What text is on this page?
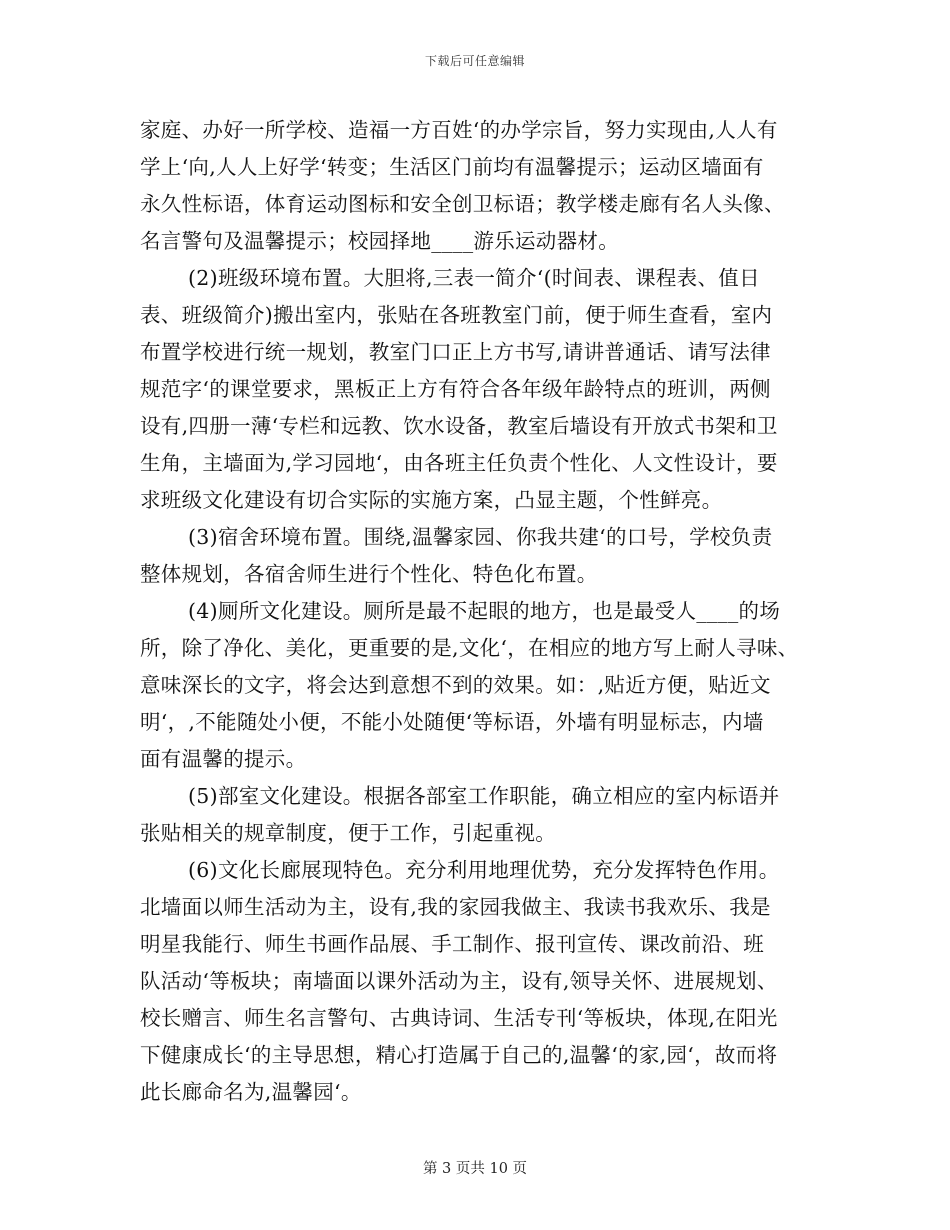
下载后可任意编辑
家庭、办好一所学校、造福一方百姓‘的办学宗旨，努力实现由,人人有
学上‘向,人人上好学‘转变；生活区门前均有温馨提示；运动区墙面有
永久性标语，体育运动图标和安全创卫标语；教学楼走廊有名人头像、
名言警句及温馨提示；校园择地____游乐运动器材。
(2)班级环境布置。大胆将,三表一简介‘(时间表、课程表、值日
表、班级简介)搬出室内，张贴在各班教室门前，便于师生查看，室内
布置学校进行统一规划，教室门口正上方书写,请讲普通话、请写法律
规范字‘的课堂要求，黑板正上方有符合各年级年龄特点的班训，两侧
设有,四册一薄‘专栏和远教、饮水设备，教室后墙设有开放式书架和卫
生角，主墙面为,学习园地‘，由各班主任负责个性化、人文性设计，要
求班级文化建设有切合实际的实施方案，凸显主题，个性鲜亮。
(3)宿舍环境布置。围绕,温馨家园、你我共建‘的口号，学校负责
整体规划，各宿舍师生进行个性化、特色化布置。
(4)厕所文化建设。厕所是最不起眼的地方，也是最受人____的场
所，除了净化、美化，更重要的是,文化‘，在相应的地方写上耐人寻味、
意味深长的文字，将会达到意想不到的效果。如：,贴近方便，贴近文
明‘，,不能随处小便，不能小处随便‘等标语，外墙有明显标志，内墙
面有温馨的提示。
(5)部室文化建设。根据各部室工作职能，确立相应的室内标语并
张贴相关的规章制度，便于工作，引起重视。
(6)文化长廊展现特色。充分利用地理优势，充分发挥特色作用。
北墙面以师生活动为主，设有,我的家园我做主、我读书我欢乐、我是
明星我能行、师生书画作品展、手工制作、报刊宣传、课改前沿、班
队活动‘等板块；南墙面以课外活动为主，设有,领导关怀、进展规划、
校长赠言、师生名言警句、古典诗词、生活专刊‘等板块，体现,在阳光
下健康成长‘的主导思想，精心打造属于自己的,温馨‘的家,园‘，故而将
此长廊命名为,温馨园‘。
第 3 页共 10 页
